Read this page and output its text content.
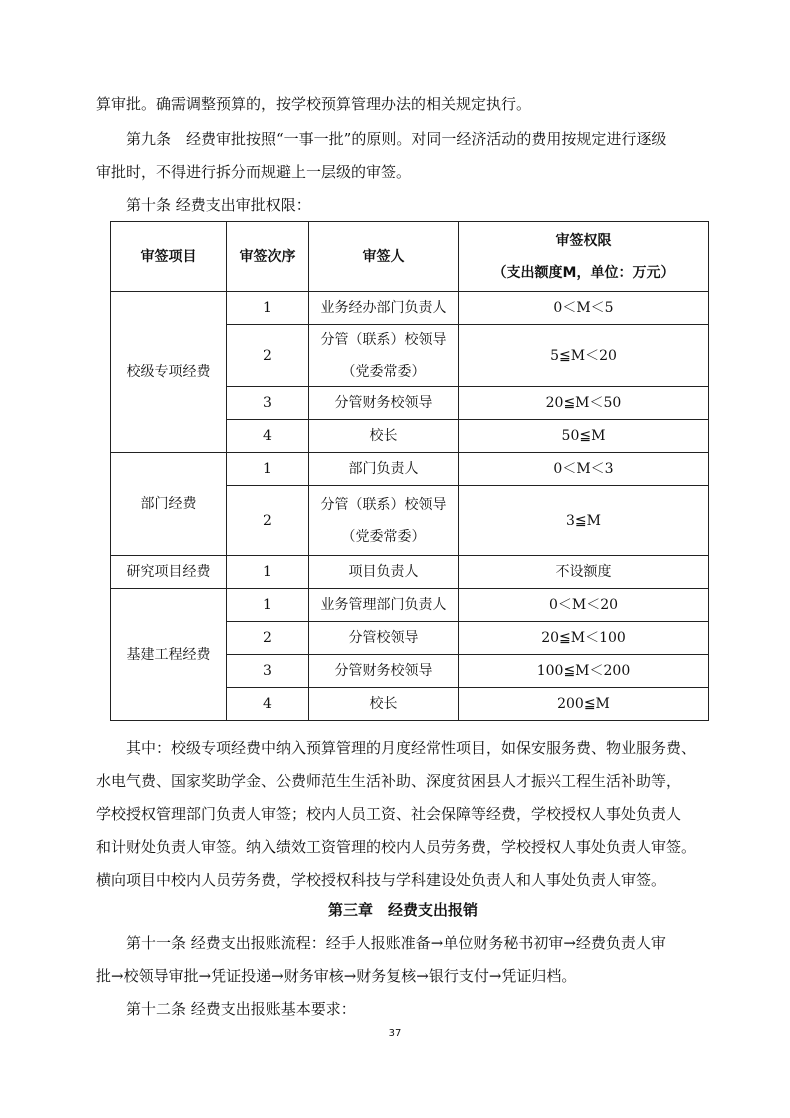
算审批。确需调整预算的，按学校预算管理办法的相关规定执行。
第九条　经费审批按照“一事一批”的原则。对同一经济活动的费用按规定进行逐级
审批时，不得进行拆分而规避上一层级的审签。
第十条 经费支出审批权限：
审签项目	审签次序	审签人	审签权限
（支出额度M，单位：万元）

校级专项经费	1	业务经办部门负责人	0＜M＜5
	2	分管（联系）校领导
（党委常委）	5≦M＜20
	3	分管财务校领导	20≦M＜50
	4	校长	50≦M
部门经费	1	部门负责人	0＜M＜3
	2	分管（联系）校领导
（党委常委）	3≦M
研究项目经费	1	项目负责人	不设额度
基建工程经费	1	业务管理部门负责人	0＜M＜20
	2	分管校领导	20≦M＜100
	3	分管财务校领导	100≦M＜200
	4	校长	200≦M
其中：校级专项经费中纳入预算管理的月度经常性项目，如保安服务费、物业服务费、
水电气费、国家奖助学金、公费师范生生活补助、深度贫困县人才振兴工程生活补助等，
学校授权管理部门负责人审签；校内人员工资、社会保障等经费，学校授权人事处负责人
和计财处负责人审签。纳入绩效工资管理的校内人员劳务费，学校授权人事处负责人审签。
横向项目中校内人员劳务费，学校授权科技与学科建设处负责人和人事处负责人审签。
第三章　经费支出报销
第十一条 经费支出报账流程：经手人报账准备→单位财务秘书初审→经费负责人审
批→校领导审批→凭证投递→财务审核→财务复核→银行支付→凭证归档。
第十二条 经费支出报账基本要求：
37
